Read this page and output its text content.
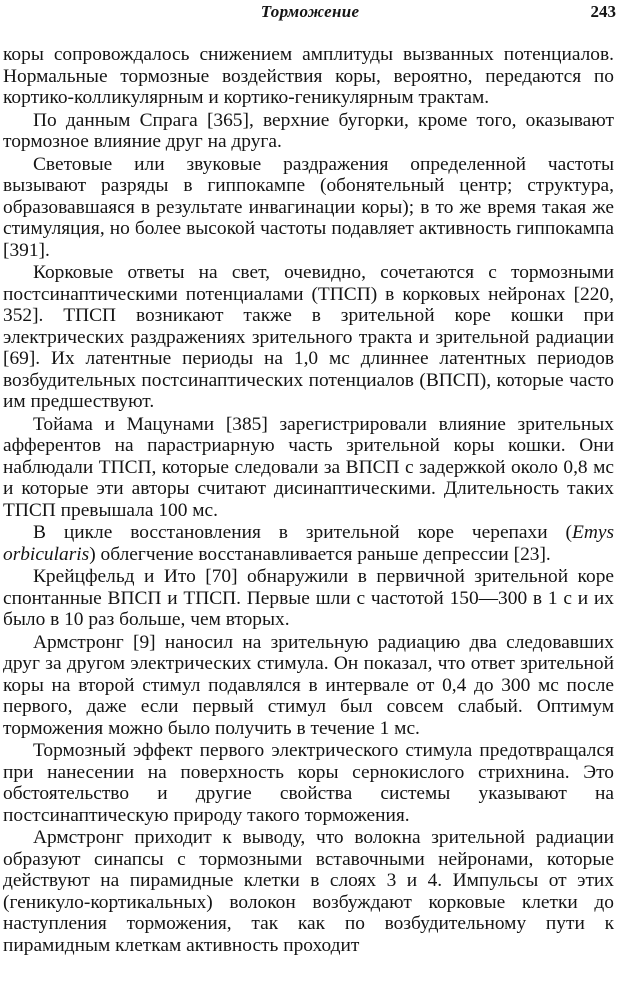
Торможение	243

коры сопровождалось снижением амплитуды вызванных потенциалов. Нормальные тормозные воздействия коры, вероятно, передаются по кортико-колликулярным и кортико-геникулярным трактам.

По данным Спрага [365], верхние бугорки, кроме того, оказывают тормозное влияние друг на друга.

Световые или звуковые раздражения определенной частоты вызывают разряды в гиппокампе (обонятельный центр; структура, образовавшаяся в результате инвагинации коры); в то же время такая же стимуляция, но более высокой частоты подавляет активность гиппокампа [391].

Корковые ответы на свет, очевидно, сочетаются с тормозными постсинаптическими потенциалами (ТПСП) в корковых нейронах [220, 352]. ТПСП возникают также в зрительной коре кошки при электрических раздражениях зрительного тракта и зрительной радиации [69]. Их латентные периоды на 1,0 мс длиннее латентных периодов возбудительных постсинаптических потенциалов (ВПСП), которые часто им предшествуют.

Тойама и Мацунами [385] зарегистрировали влияние зрительных афферентов на парастриарную часть зрительной коры кошки. Они наблюдали ТПСП, которые следовали за ВПСП с задержкой около 0,8 мс и которые эти авторы считают дисинаптическими. Длительность таких ТПСП превышала 100 мс.

В цикле восстановления в зрительной коре черепахи (Emys orbicularis) облегчение восстанавливается раньше депрессии [23].

Крейцфельд и Ито [70] обнаружили в первичной зрительной коре спонтанные ВПСП и ТПСП. Первые шли с частотой 150—300 в 1 с и их было в 10 раз больше, чем вторых.

Армстронг [9] наносил на зрительную радиацию два следовавших друг за другом электрических стимула. Он показал, что ответ зрительной коры на второй стимул подавлялся в интервале от 0,4 до 300 мс после первого, даже если первый стимул был совсем слабый. Оптимум торможения можно было получить в течение 1 мс.

Тормозный эффект первого электрического стимула предотвращался при нанесении на поверхность коры сернокислого стрихнина. Это обстоятельство и другие свойства системы указывают на постсинаптическую природу такого торможения.

Армстронг приходит к выводу, что волокна зрительной радиации образуют синапсы с тормозными вставочными нейронами, которые действуют на пирамидные клетки в слоях 3 и 4. Импульсы от этих (геникуло-кортикальных) волокон возбуждают корковые клетки до наступления торможения, так как по возбудительному пути к пирамидным клеткам активность проходит
